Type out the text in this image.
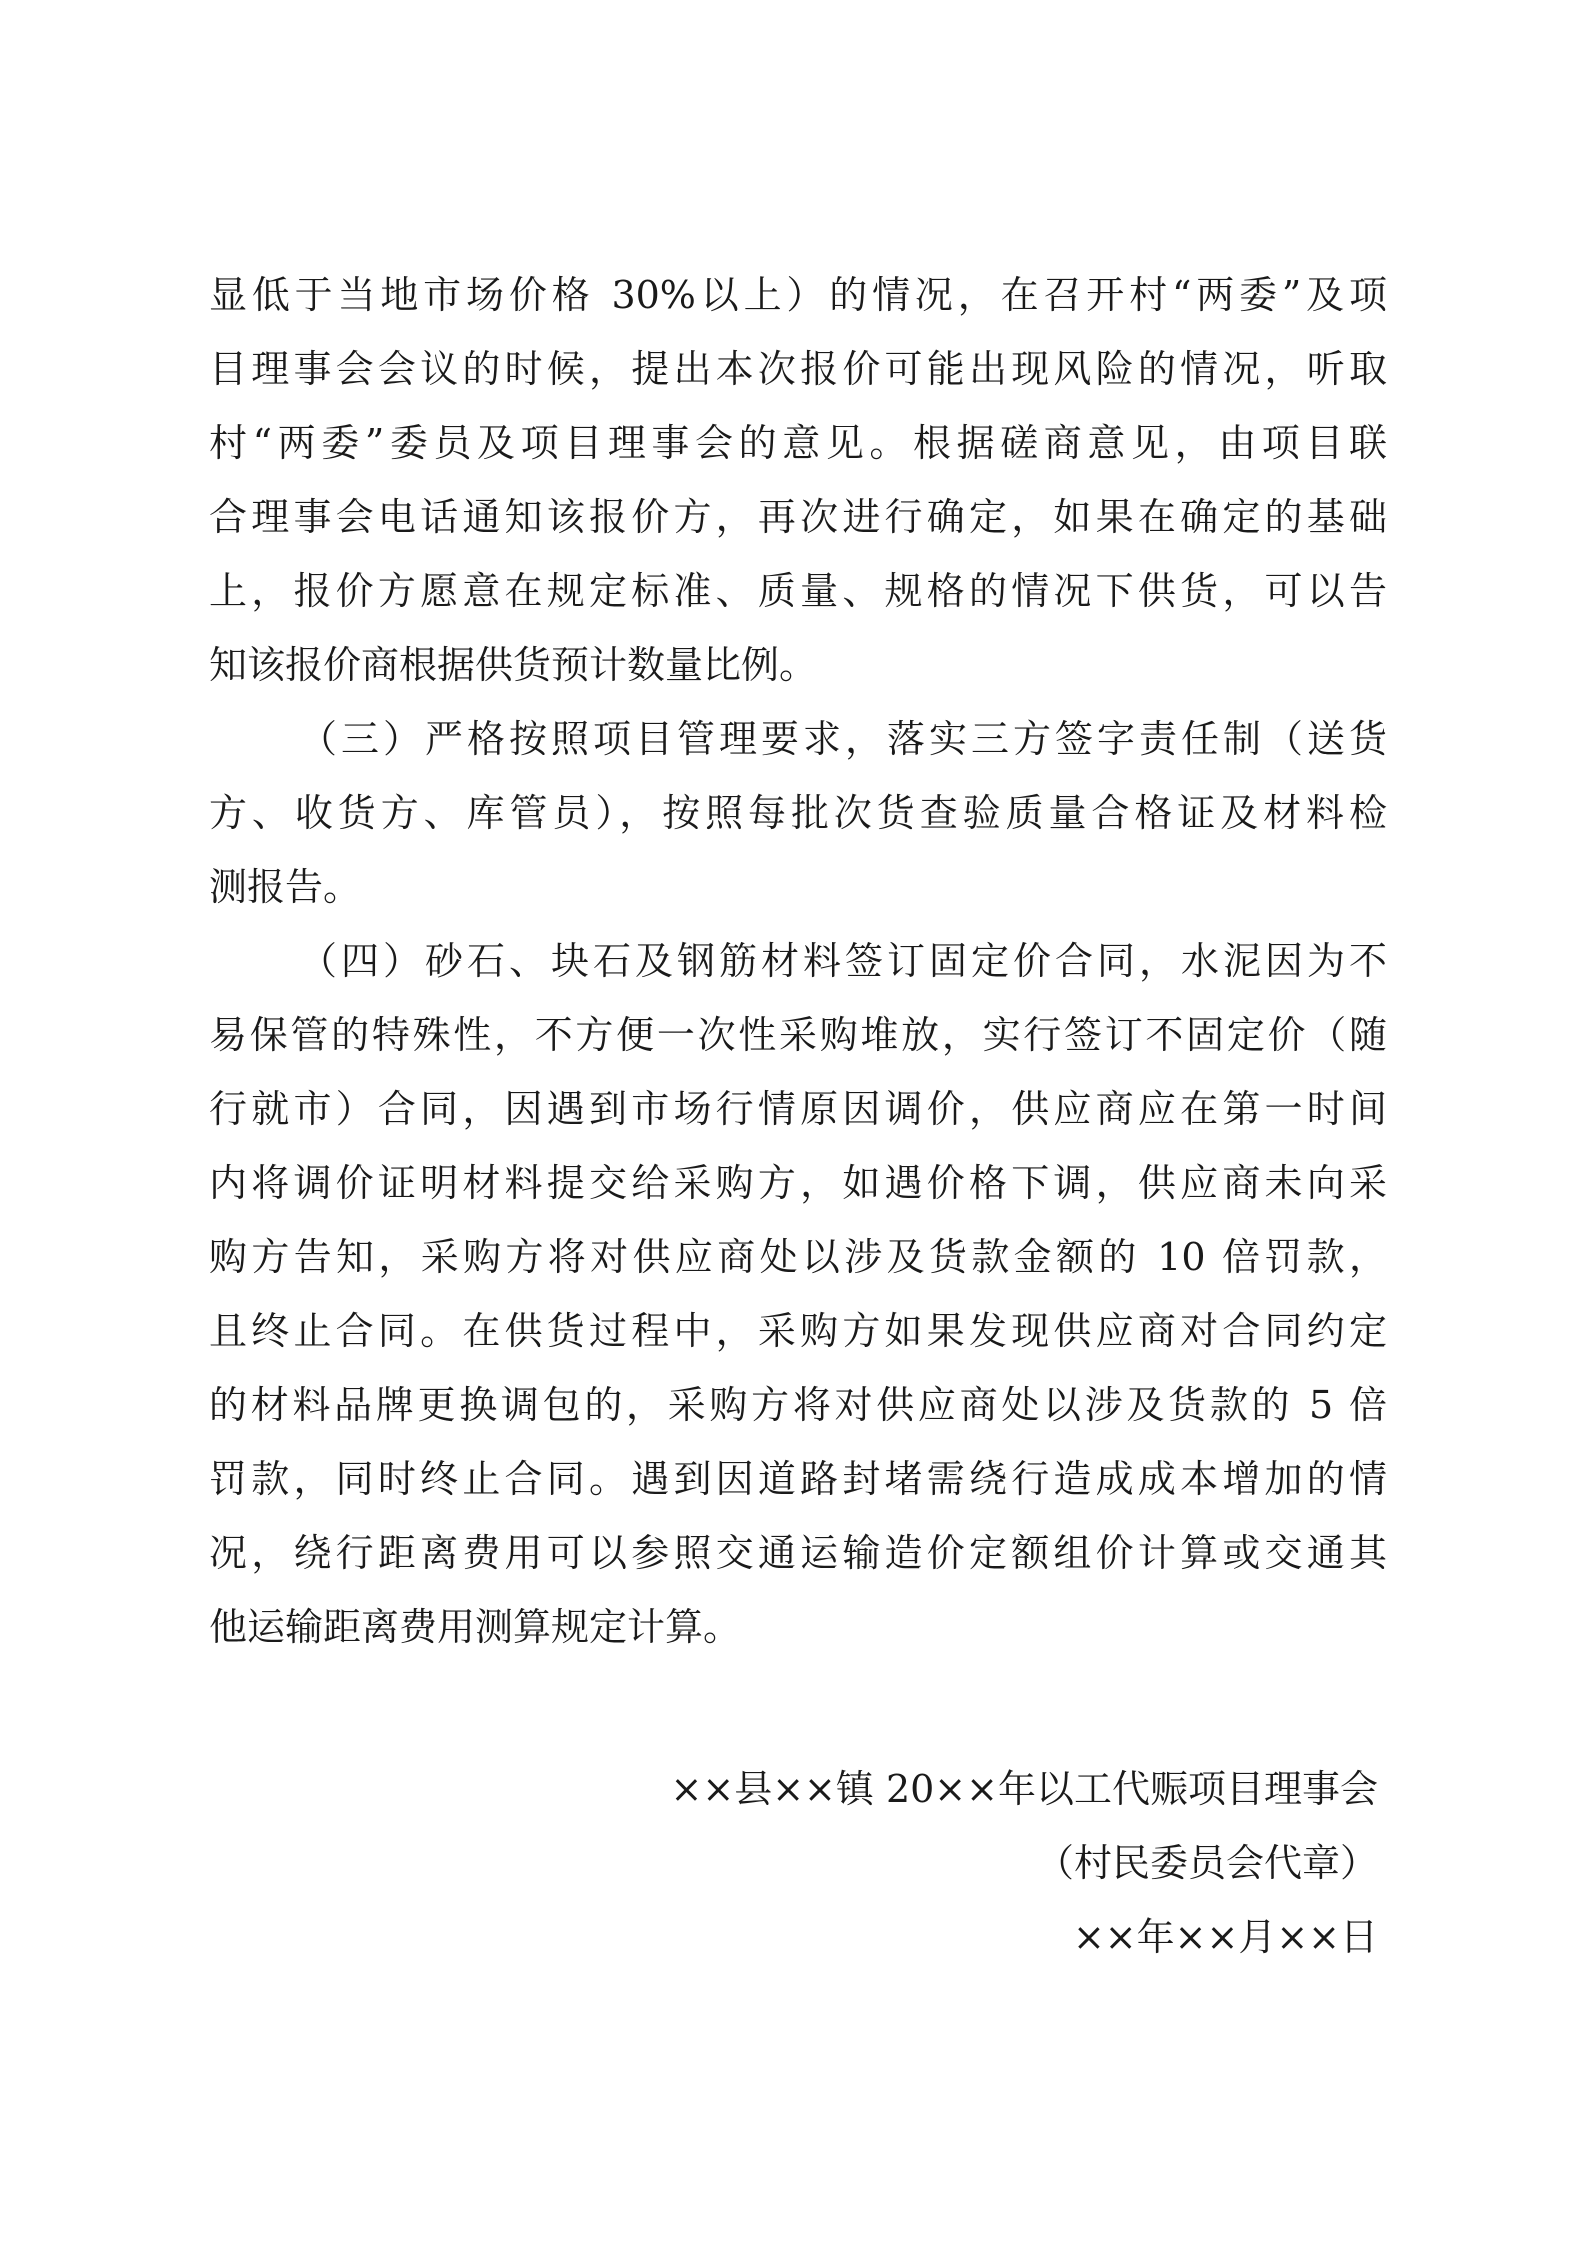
显低于当地市场价格 30%以上）的情况，在召开村“两委”及项
目理事会会议的时候，提出本次报价可能出现风险的情况，听取
村“两委”委员及项目理事会的意见。根据磋商意见，由项目联
合理事会电话通知该报价方，再次进行确定，如果在确定的基础
上，报价方愿意在规定标准、质量、规格的情况下供货，可以告
知该报价商根据供货预计数量比例。
（三）严格按照项目管理要求，落实三方签字责任制（送货
方、收货方、库管员），按照每批次货查验质量合格证及材料检
测报告。
（四）砂石、块石及钢筋材料签订固定价合同，水泥因为不
易保管的特殊性，不方便一次性采购堆放，实行签订不固定价（随
行就市）合同，因遇到市场行情原因调价，供应商应在第一时间
内将调价证明材料提交给采购方，如遇价格下调，供应商未向采
购方告知，采购方将对供应商处以涉及货款金额的 10 倍罚款，
且终止合同。在供货过程中，采购方如果发现供应商对合同约定
的材料品牌更换调包的，采购方将对供应商处以涉及货款的 5 倍
罚款，同时终止合同。遇到因道路封堵需绕行造成成本增加的情
况，绕行距离费用可以参照交通运输造价定额组价计算或交通其
他运输距离费用测算规定计算。
××县××镇 20××年以工代赈项目理事会
（村民委员会代章）
××年××月××日
